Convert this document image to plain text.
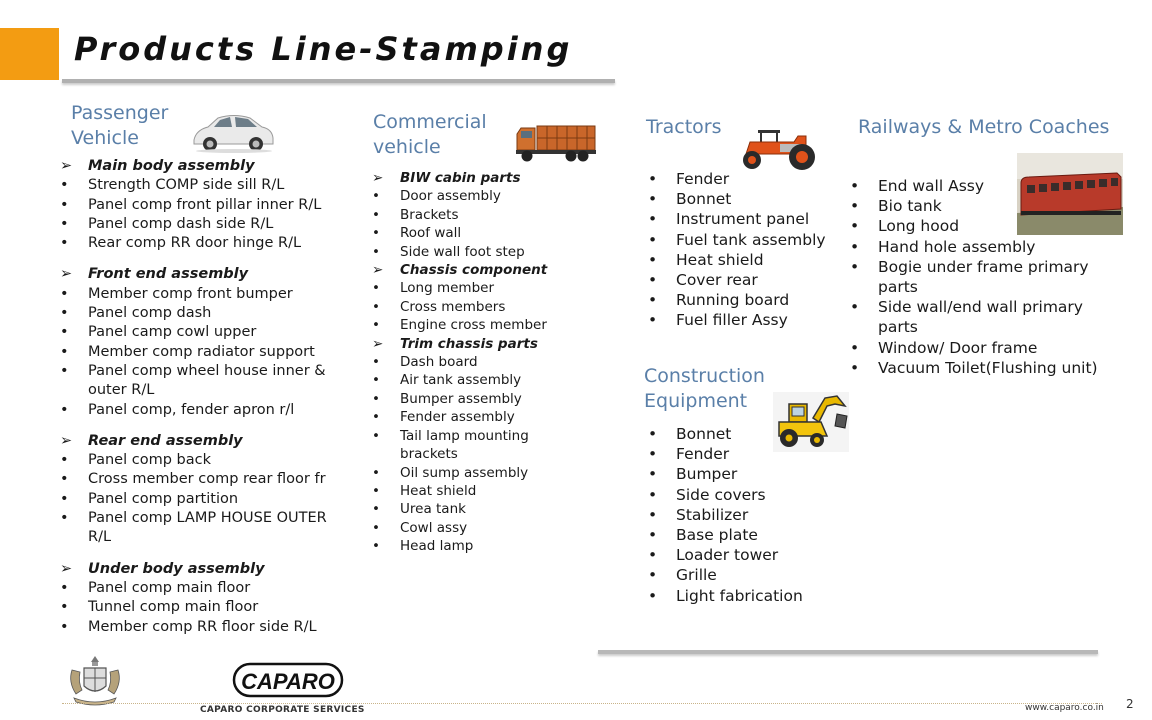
Products Line-Stamping
Passenger
Vehicle
➢	Main body assembly
•	Strength COMP side sill R/L
•	Panel comp front pillar inner R/L
•	Panel comp dash side R/L
•	Rear comp RR door hinge R/L
➢	Front end assembly
•	Member comp front bumper
•	Panel comp dash
•	Panel camp cowl upper
•	Member comp radiator support
•	Panel comp wheel house inner & outer R/L
•	Panel comp, fender apron r/l
➢	Rear end assembly
•	Panel comp back
•	Cross member comp rear floor fr
•	Panel comp partition
•	Panel comp LAMP HOUSE OUTER R/L
➢	Under body assembly
•	Panel comp main floor
•	Tunnel comp main floor
•	Member comp RR floor side R/L
Commercial
vehicle
➢	BIW cabin parts
•	Door assembly
•	Brackets
•	Roof wall
•	Side wall foot step
➢	Chassis component
•	Long member
•	Cross members
•	Engine cross member
➢	Trim chassis parts
•	Dash board
•	Air tank assembly
•	Bumper assembly
•	Fender assembly
•	Tail lamp mounting brackets
•	Oil sump assembly
•	Heat shield
•	Urea tank
•	Cowl assy
•	Head lamp
Tractors
•	Fender
•	Bonnet
•	Instrument panel
•	Fuel tank assembly
•	Heat shield
•	Cover rear
•	Running board
•	Fuel filler Assy
Construction
Equipment
•	Bonnet
•	Fender
•	Bumper
•	Side covers
•	Stabilizer
•	Base plate
•	Loader tower
•	Grille
•	Light fabrication
Railways & Metro Coaches
•	End wall Assy
•	Bio tank
•	Long hood
•	Hand hole assembly
•	Bogie under frame primary parts
•	Side wall/end wall primary parts
•	Window/ Door frame
•	Vacuum Toilet(Flushing unit)
CAPARO
CAPARO CORPORATE SERVICES	www.caparo.co.in 2
